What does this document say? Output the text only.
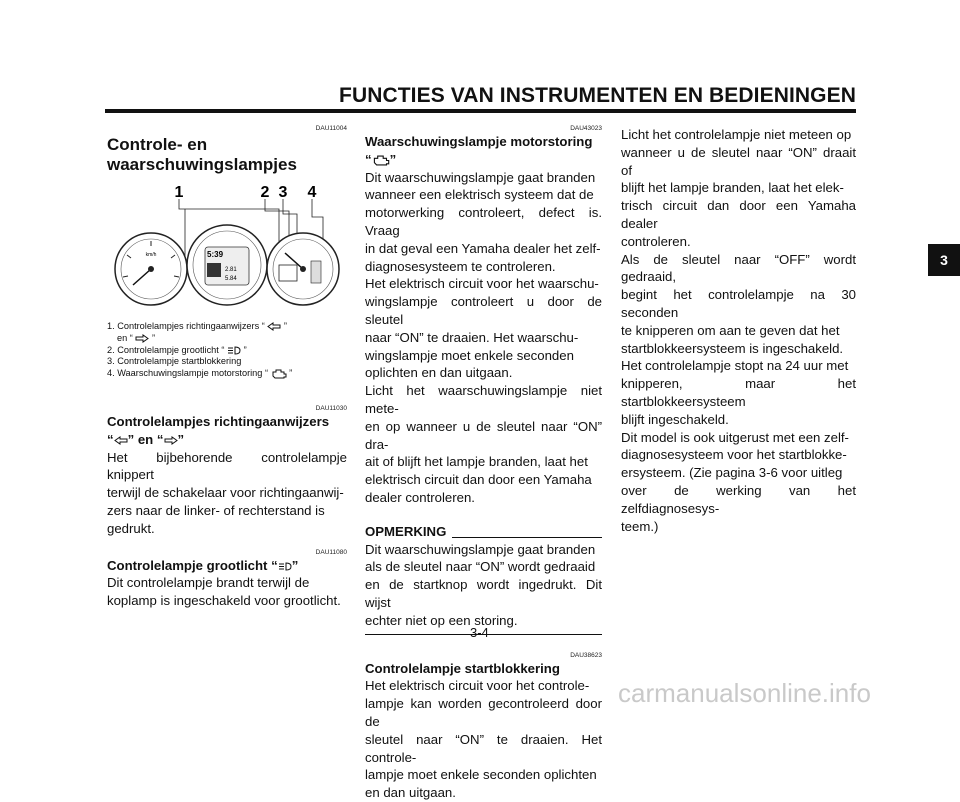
FUNCTIES VAN INSTRUMENTEN EN BEDIENINGEN
3
DAU11004
Controle- en
waarschuwingslampjes
km/h	5:39
2.81
5.84
1	2 3 4
1. Controlelampjes richtingaanwijzers “ ”
en “ ”
2. Controlelampje grootlicht “ ”
3. Controlelampje startblokkering
4. Waarschuwingslampje motorstoring “ ”
DAU11030
Controlelampjes richtingaanwijzers
“ ” en “ ”

Het bijbehorende controlelampje knippert

terwijl de schakelaar voor richtingaanwij-

zers naar de linker- of rechterstand is

gedrukt.

DAU11080
Controlelampje grootlicht “ ”

Dit controlelampje brandt terwijl de

koplamp is ingeschakeld voor grootlicht.

DAU43023
Waarschuwingslampje motorstoring
“ ”

Dit waarschuwingslampje gaat branden

wanneer een elektrisch systeem dat de

motorwerking controleert, defect is. Vraag

in dat geval een Yamaha dealer het zelf-

diagnosesysteem te controleren.

Het elektrisch circuit voor het waarschu-

wingslampje controleert u door de sleutel

naar “ON” te draaien. Het waarschu-

wingslampje moet enkele seconden

oplichten en dan uitgaan.

Licht het waarschuwingslampje niet mete-

en op wanneer u de sleutel naar “ON” dra-

ait of blijft het lampje branden, laat het

elektrisch circuit dan door een Yamaha

dealer controleren.

OPMERKING

Dit waarschuwingslampje gaat branden

als de sleutel naar “ON” wordt gedraaid

en de startknop wordt ingedrukt. Dit wijst

echter niet op een storing.

DAU38623
Controlelampje startblokkering

Het elektrisch circuit voor het controle-

lampje kan worden gecontroleerd door de

sleutel naar “ON” te draaien. Het controle-

lampje moet enkele seconden oplichten

en dan uitgaan.

Licht het controlelampje niet meteen op

wanneer u de sleutel naar “ON” draait of

blijft het lampje branden, laat het elek-

trisch circuit dan door een Yamaha dealer

controleren.

Als de sleutel naar “OFF” wordt gedraaid,

begint het controlelampje na 30 seconden

te knipperen om aan te geven dat het

startblokkeersysteem is ingeschakeld.

Het controlelampje stopt na 24 uur met

knipperen, maar het startblokkeersysteem

blijft ingeschakeld.

Dit model is ook uitgerust met een zelf-

diagnosesysteem voor het startblokke-

ersysteem. (Zie pagina 3-6 voor uitleg

over de werking van het zelfdiagnosesys-

teem.)

3-4
carmanualsonline.info
